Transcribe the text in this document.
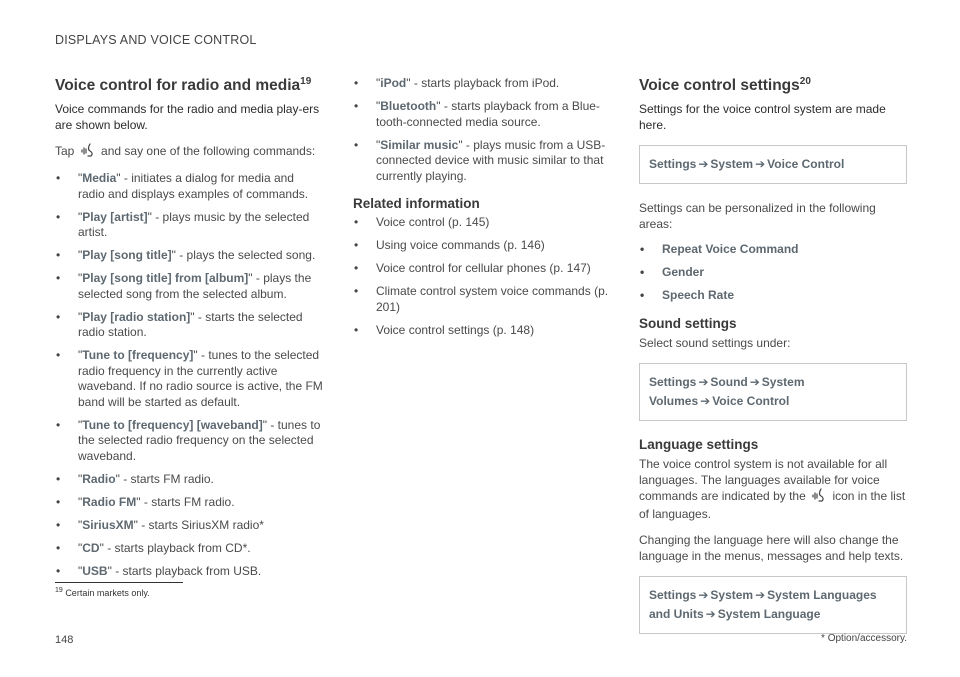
DISPLAYS AND VOICE CONTROL
Voice control for radio and media$^{19}$

Voice commands for the radio and media play-ers are shown below.

Tap and say one of the following commands:

• "Media" - initiates a dialog for media and radio and displays examples of commands.
• "Play [artist]" - plays music by the selected artist.
• "Play [song title]" - plays the selected song.
• "Play [song title] from [album]" - plays the selected song from the selected album.
• "Play [radio station]" - starts the selected radio station.
• "Tune to [frequency]" - tunes to the selected radio frequency in the currently active waveband. If no radio source is active, the FM band will be started as default.
• "Tune to [frequency] [waveband]" - tunes to the selected radio frequency on the selected waveband.
• "Radio" - starts FM radio.
• "Radio FM" - starts FM radio.
• "SiriusXM" - starts SiriusXM radio*
• "CD" - starts playback from CD*.
• "USB" - starts playback from USB.
• "iPod" - starts playback from iPod.
• "Bluetooth" - starts playback from a Blue-tooth-connected media source.
• "Similar music" - plays music from a USB-connected device with music similar to that currently playing.
Related information
• Voice control (p. 145)
• Using voice commands (p. 146)
• Voice control for cellular phones (p. 147)
• Climate control system voice commands (p. 201)
• Voice control settings (p. 148)
Voice control settings$^{20}$

Settings for the voice control system are made here.

Settings ➔ System ➔ Voice Control

Settings can be personalized in the following areas:

• Repeat Voice Command
• Gender
• Speech Rate
Sound settings

Select sound settings under:

Settings ➔ Sound ➔ System Volumes ➔ Voice Control
Language settings

The voice control system is not available for all languages. The languages available for voice commands are indicated by the icon in the list of languages.

Changing the language here will also change the language in the menus, messages and help texts.

Settings ➔ System ➔ System Languages and Units ➔ System Language
$^{19}$ Certain markets only.
* Option/accessory.
148
